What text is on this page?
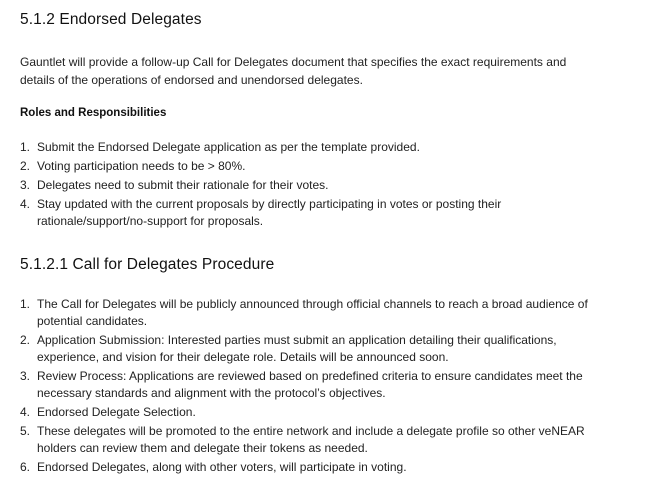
5.1.2 Endorsed Delegates

Gauntlet will provide a follow-up Call for Delegates document that specifies the exact requirements and details of the operations of endorsed and unendorsed delegates.

Roles and Responsibilities
1. Submit the Endorsed Delegate application as per the template provided.
2. Voting participation needs to be > 80%.
3. Delegates need to submit their rationale for their votes.
4. Stay updated with the current proposals by directly participating in votes or posting their rationale/support/no-support for proposals.
5.1.2.1 Call for Delegates Procedure
1. The Call for Delegates will be publicly announced through official channels to reach a broad audience of potential candidates.
2. Application Submission: Interested parties must submit an application detailing their qualifications, experience, and vision for their delegate role. Details will be announced soon.
3. Review Process: Applications are reviewed based on predefined criteria to ensure candidates meet the necessary standards and alignment with the protocol’s objectives.
4. Endorsed Delegate Selection.
5. These delegates will be promoted to the entire network and include a delegate profile so other veNEAR holders can review them and delegate their tokens as needed.
6. Endorsed Delegates, along with other voters, will participate in voting.
